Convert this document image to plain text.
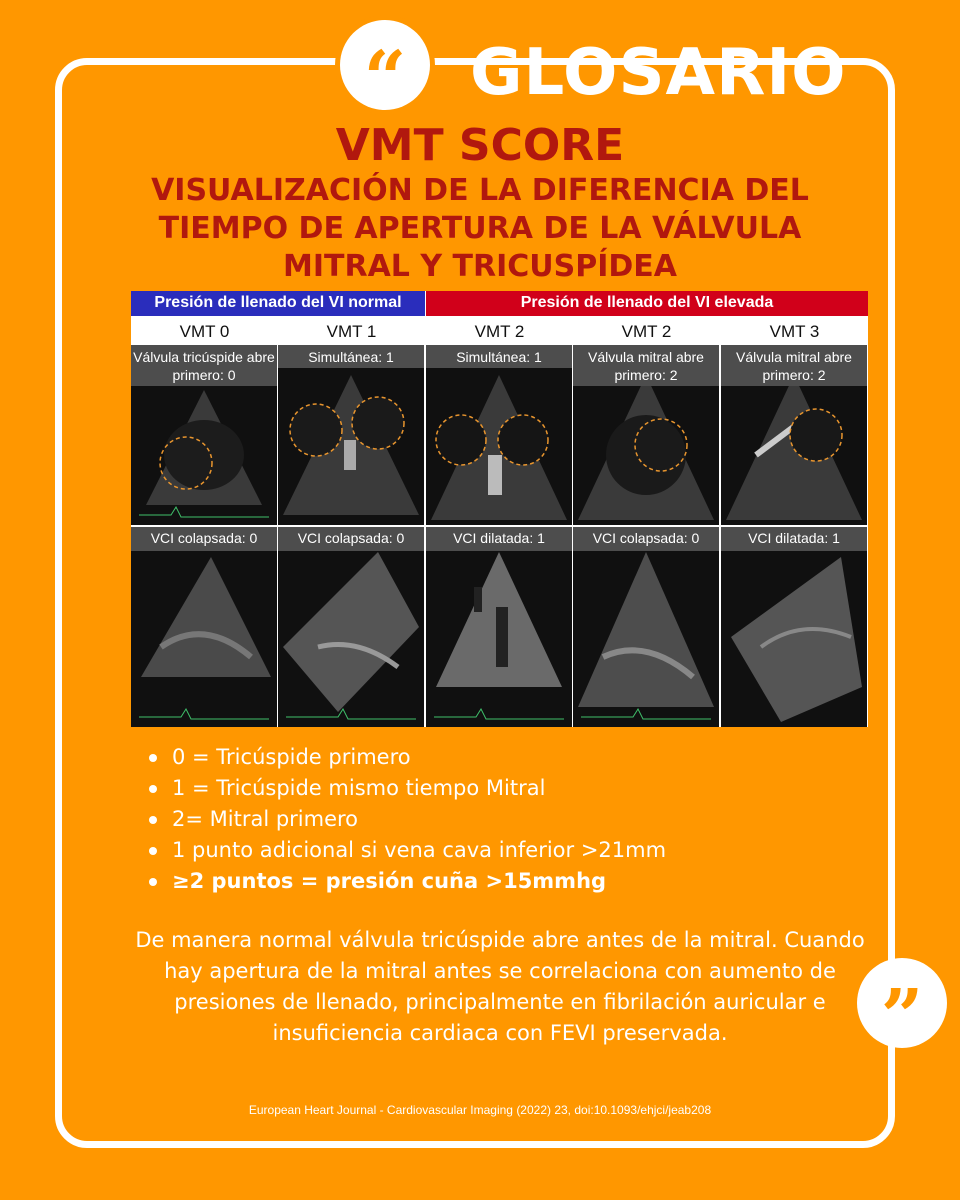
“ GLOSARIO
VMT SCORE
VISUALIZACIÓN DE LA DIFERENCIA DEL TIEMPO DE APERTURA DE LA VÁLVULA MITRAL Y TRICUSPÍDEA
Presión de llenado del VI normal	Presión de llenado del VI elevada
VMT 0
Válvula tricúspide abre primero: 0
VCI colapsada: 0
VMT 1
Simultánea: 1
VCI colapsada: 0
VMT 2
Simultánea: 1
VCI dilatada: 1
VMT 2
Válvula mitral abre primero: 2
VCI colapsada: 0
VMT 3
Válvula mitral abre primero: 2
VCI dilatada: 1
0 = Tricúspide primero
1 = Tricúspide mismo tiempo Mitral
2= Mitral primero
1 punto adicional si vena cava inferior >21mm
≥2 puntos = presión cuña >15mmhg
De manera normal válvula tricúspide abre antes de la mitral. Cuando hay apertura de la mitral antes se correlaciona con aumento de presiones de llenado, principalmente en fibrilación auricular e insuficiencia cardiaca con FEVI preservada.	”
European Heart Journal - Cardiovascular Imaging (2022) 23, doi:10.1093/ehjci/jeab208
